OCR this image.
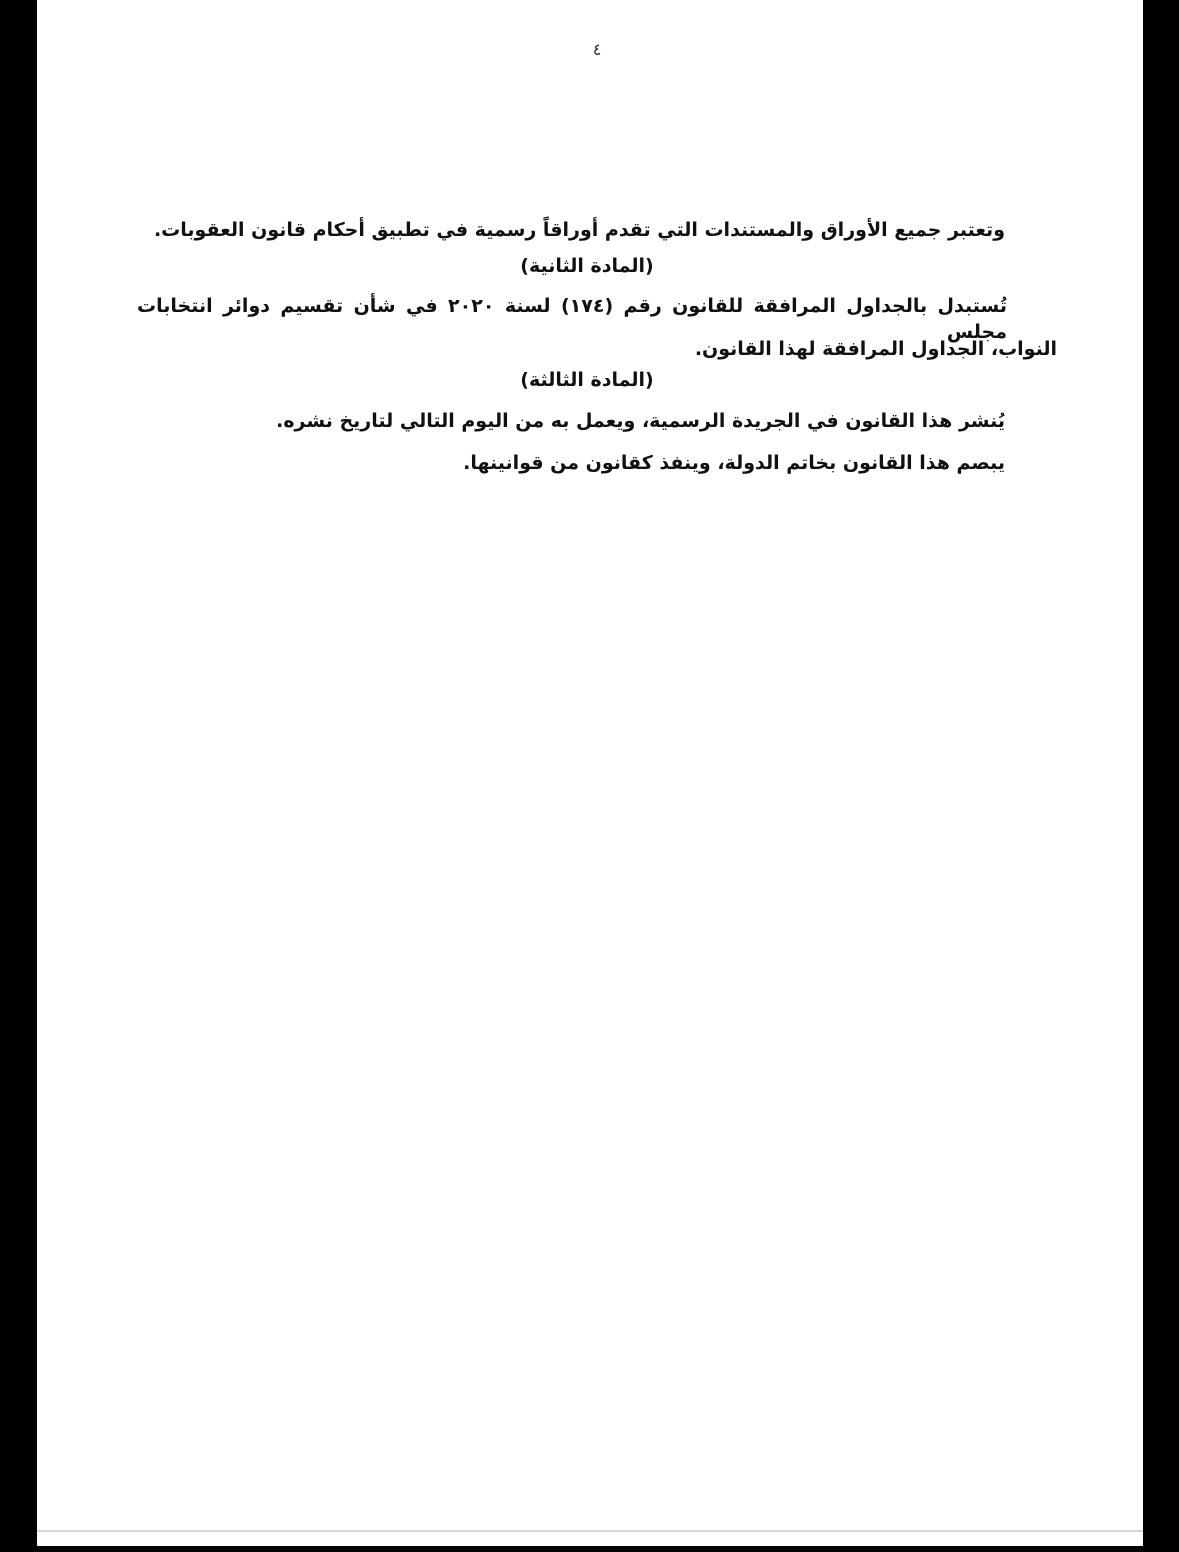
٤
وتعتبر جميع الأوراق والمستندات التي تقدم أوراقاً رسمية في تطبيق أحكام قانون العقوبات.
(المادة الثانية)
تُستبدل بالجداول المرافقة للقانون رقم (١٧٤) لسنة ٢٠٢٠ في شأن تقسيم دوائر انتخابات مجلس
النواب، الجداول المرافقة لهذا القانون.
(المادة الثالثة)
يُنشر هذا القانون في الجريدة الرسمية، ويعمل به من اليوم التالي لتاريخ نشره.
يبصم هذا القانون بخاتم الدولة، وينفذ كقانون من قوانينها.
